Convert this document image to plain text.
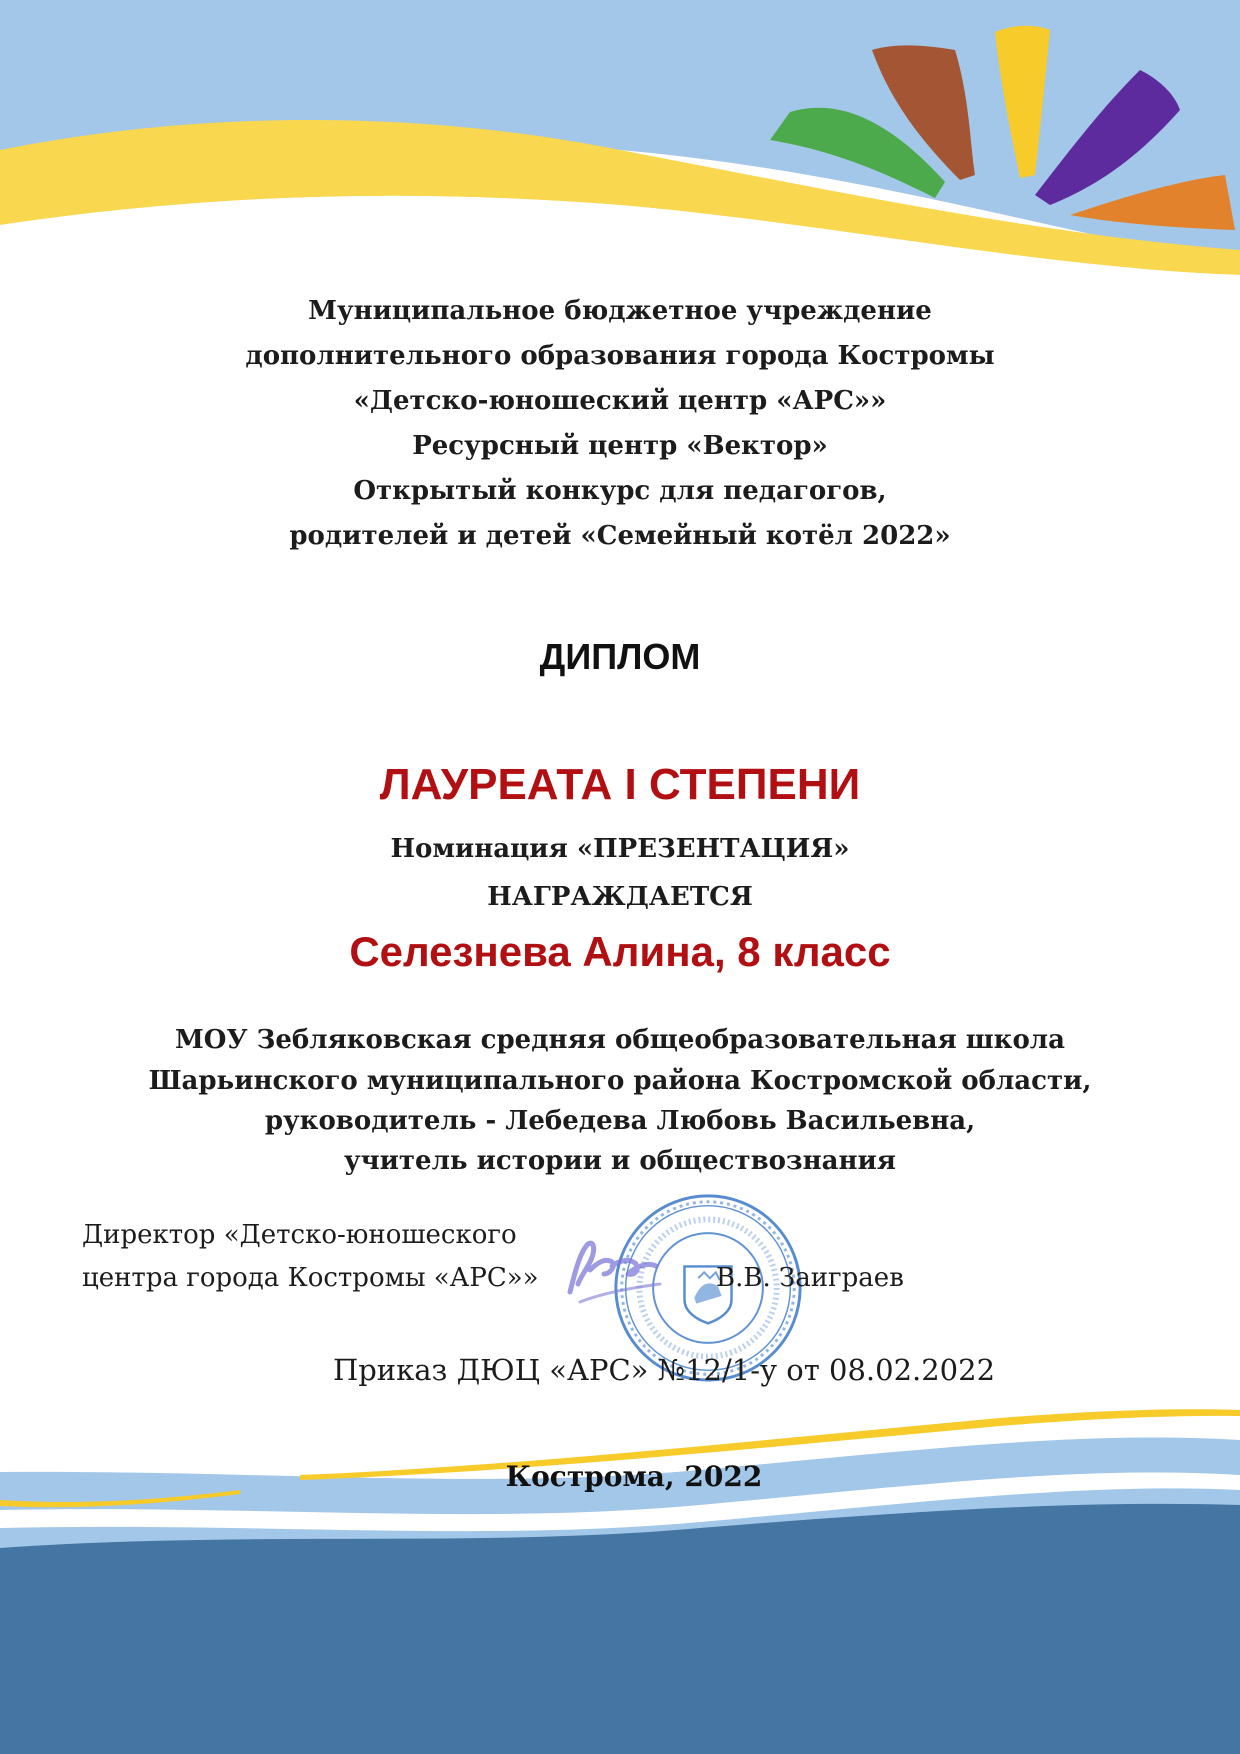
Муниципальное бюджетное учреждение
дополнительного образования города Костромы
«Детско-юношеский центр «АРС»»
Ресурсный центр «Вектор»
Открытый конкурс для педагогов,
родителей и детей «Семейный котёл 2022»
ДИПЛОМ
ЛАУРЕАТА I СТЕПЕНИ
Номинация «ПРЕЗЕНТАЦИЯ»
НАГРАЖДАЕТСЯ
Селезнева Алина, 8 класс
МОУ Зебляковская средняя общеобразовательная школа
Шарьинского муниципального района Костромской области,
руководитель - Лебедева Любовь Васильевна,
учитель истории и обществознания
Директор «Детско-юношеского
центра города Костромы «АРС»»	В.В. Заиграев
Приказ ДЮЦ «АРС» №12/1-у от 08.02.2022
Кострома, 2022
